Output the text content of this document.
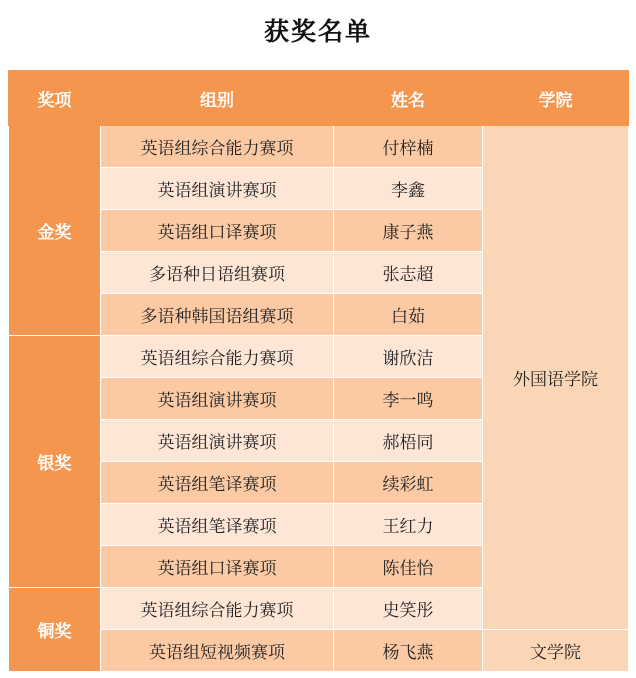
获奖名单
奖项	组别	姓名	学院
金奖	英语组综合能力赛项	付梓楠	外国语学院
	英语组演讲赛项	李鑫	
	英语组口译赛项	康子燕	
	多语种日语组赛项	张志超	
	多语种韩国语组赛项	白茹	
银奖	英语组综合能力赛项	谢欣洁	
	英语组演讲赛项	李一鸣	
	英语组演讲赛项	郝梧同	
	英语组笔译赛项	续彩虹	
	英语组笔译赛项	王红力	
	英语组口译赛项	陈佳怡	
铜奖	英语组综合能力赛项	史笑彤	
	英语组短视频赛项	杨飞燕	文学院
